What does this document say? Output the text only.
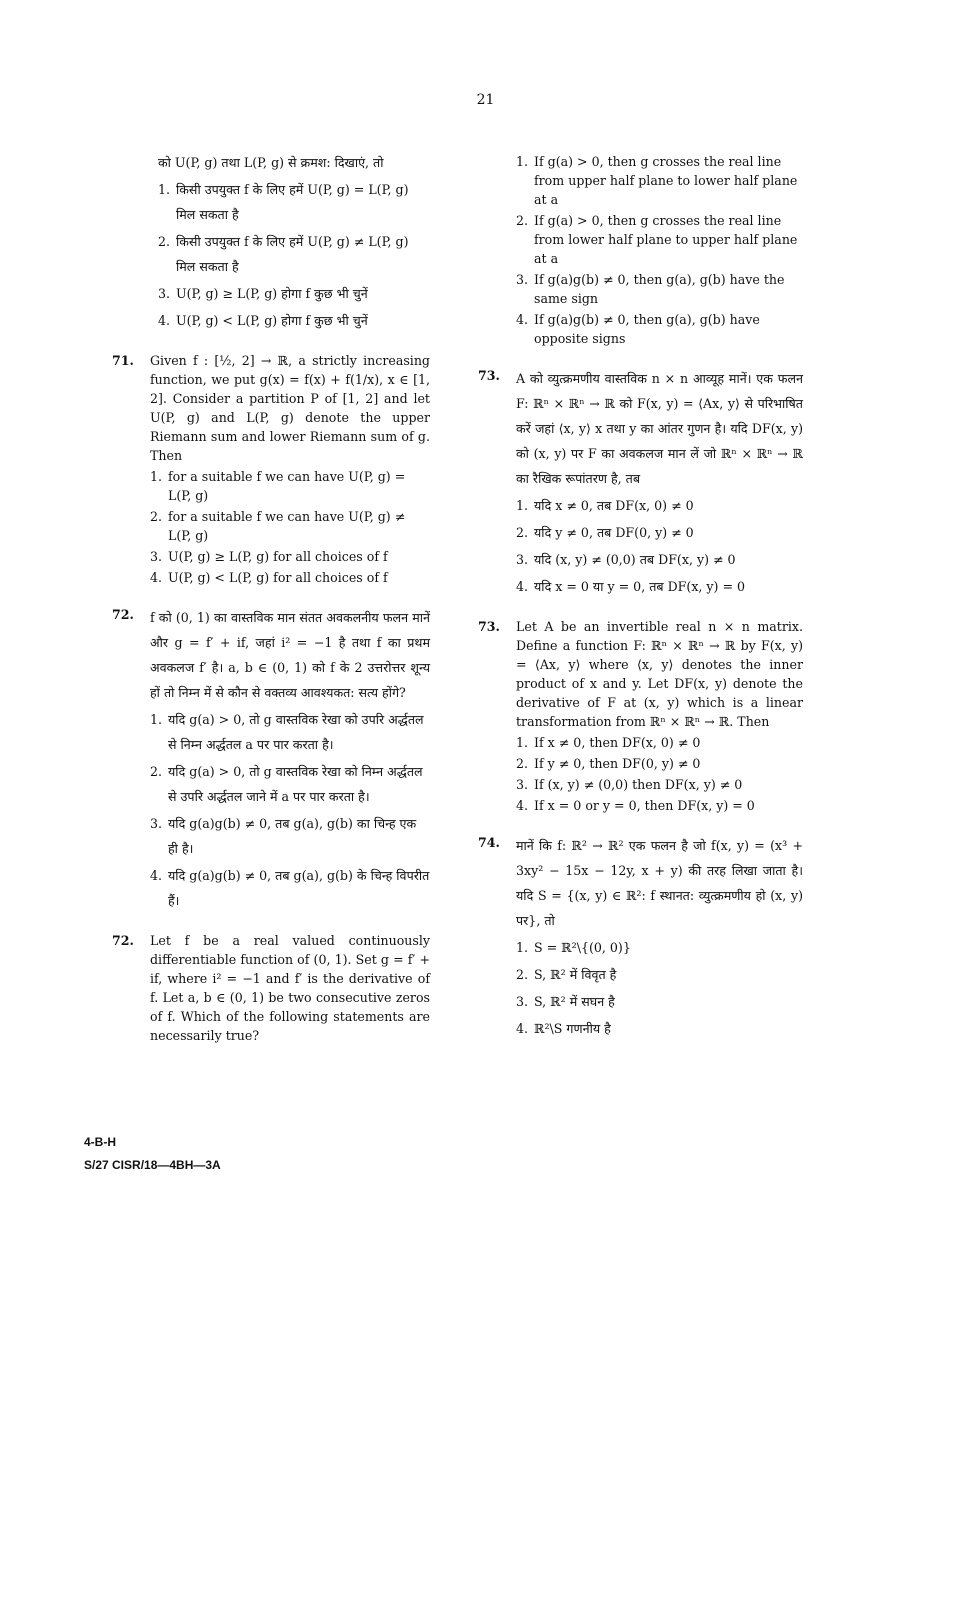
21

को U(P, g) तथा L(P, g) से क्रमश: दिखाएं, तो

1. किसी उपयुक्त f के लिए हमें U(P, g) = L(P, g) मिल सकता है
2. किसी उपयुक्त f के लिए हमें U(P, g) ≠ L(P, g) मिल सकता है
3. U(P, g) ≥ L(P, g) होगा f कुछ भी चुनें
4. U(P, g) < L(P, g) होगा f कुछ भी चुनें
71.	Given f : [½, 2] → ℝ, a strictly increasing function, we put g(x) = f(x) + f(1/x), x ∈ [1, 2]. Consider a partition P of [1, 2] and let U(P, g) and L(P, g) denote the upper Riemann sum and lower Riemann sum of g. Then

1. for a suitable f we can have U(P, g) = L(P, g)
2. for a suitable f we can have U(P, g) ≠ L(P, g)
3. U(P, g) ≥ L(P, g) for all choices of f
4. U(P, g) < L(P, g) for all choices of f
72.	f को (0, 1) का वास्तविक मान संतत अवकलनीय फलन मानें और g = f′ + if, जहां i² = −1 है तथा f का प्रथम अवकलज f′ है। a, b ∈ (0, 1) को f के 2 उत्तरोत्तर शून्य हों तो निम्न में से कौन से वक्तव्य आवश्यकत: सत्य होंगे?

1. यदि g(a) > 0, तो g वास्तविक रेखा को उपरि अर्द्धतल से निम्न अर्द्धतल a पर पार करता है।
2. यदि g(a) > 0, तो g वास्तविक रेखा को निम्न अर्द्धतल से उपरि अर्द्धतल जाने में a पर पार करता है।
3. यदि g(a)g(b) ≠ 0, तब g(a), g(b) का चिन्ह एक ही है।
4. यदि g(a)g(b) ≠ 0, तब g(a), g(b) के चिन्ह विपरीत हैं।
72.	Let f be a real valued continuously differentiable function of (0, 1). Set g = f′ + if, where i² = −1 and f′ is the derivative of f. Let a, b ∈ (0, 1) be two consecutive zeros of f. Which of the following statements are necessarily true?

1. If g(a) > 0, then g crosses the real line from upper half plane to lower half plane at a
2. If g(a) > 0, then g crosses the real line from lower half plane to upper half plane at a
3. If g(a)g(b) ≠ 0, then g(a), g(b) have the same sign
4. If g(a)g(b) ≠ 0, then g(a), g(b) have opposite signs
73.	A को व्युत्क्रमणीय वास्तविक n × n आव्यूह मानें। एक फलन F: ℝⁿ × ℝⁿ → ℝ को F(x, y) = ⟨Ax, y⟩ से परिभाषित करें जहां ⟨x, y⟩ x तथा y का आंतर गुणन है। यदि DF(x, y) को (x, y) पर F का अवकलज मान लें जो ℝⁿ × ℝⁿ → ℝ का रैखिक रूपांतरण है, तब

1. यदि x ≠ 0, तब DF(x, 0) ≠ 0
2. यदि y ≠ 0, तब DF(0, y) ≠ 0
3. यदि (x, y) ≠ (0,0) तब DF(x, y) ≠ 0
4. यदि x = 0 या y = 0, तब DF(x, y) = 0
73.	Let A be an invertible real n × n matrix. Define a function F: ℝⁿ × ℝⁿ → ℝ by F(x, y) = ⟨Ax, y⟩ where ⟨x, y⟩ denotes the inner product of x and y. Let DF(x, y) denote the derivative of F at (x, y) which is a linear transformation from ℝⁿ × ℝⁿ → ℝ. Then

1. If x ≠ 0, then DF(x, 0) ≠ 0
2. If y ≠ 0, then DF(0, y) ≠ 0
3. If (x, y) ≠ (0,0) then DF(x, y) ≠ 0
4. If x = 0 or y = 0, then DF(x, y) = 0
74.	मानें कि f: ℝ² → ℝ² एक फलन है जो f(x, y) = (x³ + 3xy² − 15x − 12y, x + y) की तरह लिखा जाता है। यदि S = {(x, y) ∈ ℝ²: f स्थानत: व्युत्क्रमणीय हो (x, y) पर}, तो

1. S = ℝ²\{(0, 0)}
2. S, ℝ² में विवृत है
3. S, ℝ² में सघन है
4. ℝ²\S गणनीय है
4-B-H
S/27 CISR/18—4BH—3A
